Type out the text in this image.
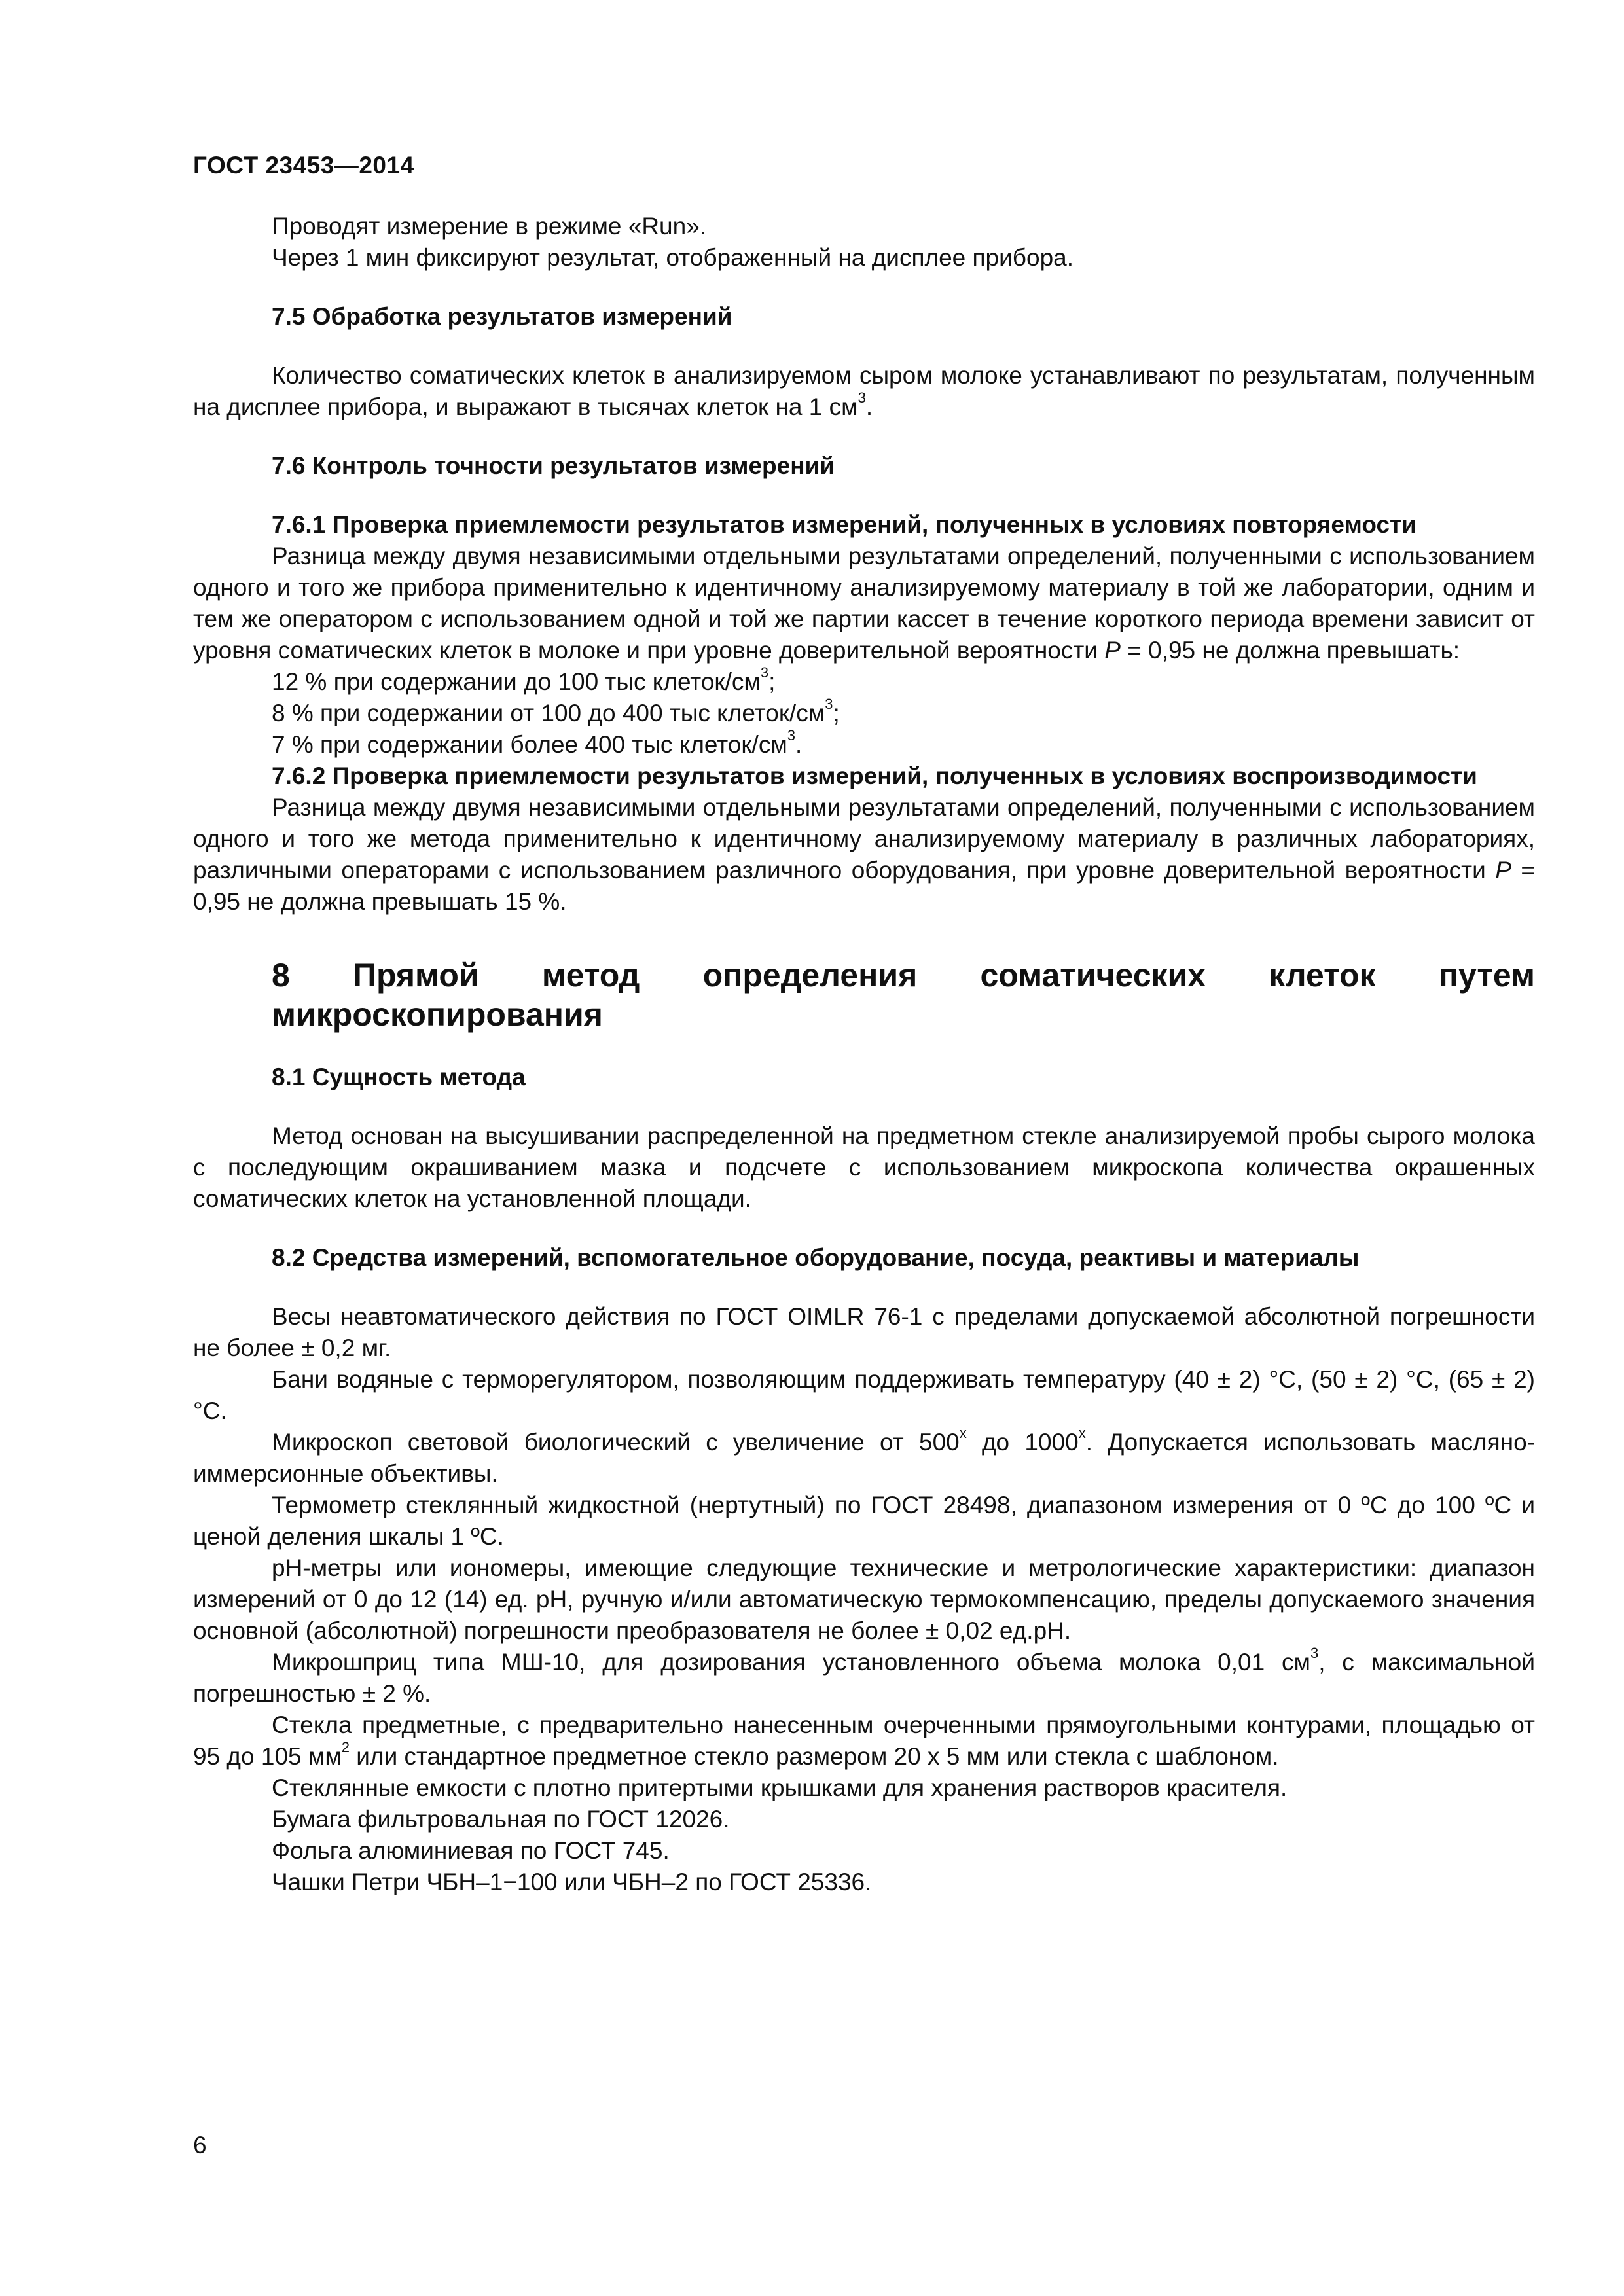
ГОСТ 23453—2014

Проводят измерение в режиме «Run».

Через 1 мин фиксируют результат, отображенный на дисплее прибора.

7.5 Обработка результатов измерений

Количество соматических клеток в анализируемом сыром молоке устанавливают по результатам, полученным на дисплее прибора, и выражают в тысячах клеток на 1 $см^3$.

7.6 Контроль точности результатов измерений

7.6.1 Проверка приемлемости результатов измерений, полученных в условиях повторяемости

Разница между двумя независимыми отдельными результатами определений, полученными с использованием одного и того же прибора применительно к идентичному анализируемому материалу в той же лаборатории, одним и тем же оператором с использованием одной и той же партии кассет в течение короткого периода времени зависит от уровня соматических клеток в молоке и при уровне доверительной вероятности P = 0,95 не должна превышать:

12 % при содержании до 100 тыс клеток/$см^3$;

8 % при содержании от 100 до 400 тыс клеток/$см^3$;

7 % при содержании более 400 тыс клеток/$см^3$.

7.6.2 Проверка приемлемости результатов измерений, полученных в условиях воспроизводимости

Разница между двумя независимыми отдельными результатами определений, полученными с использованием одного и того же метода применительно к идентичному анализируемому материалу в различных лабораториях, различными операторами с использованием различного оборудования, при уровне доверительной вероятности P = 0,95 не должна превышать 15 %.

8 Прямой метод определения соматических клеток путем микроскопирования

8.1 Сущность метода

Метод основан на высушивании распределенной на предметном стекле анализируемой пробы сырого молока с последующим окрашиванием мазка и подсчете с использованием микроскопа количества окрашенных соматических клеток на установленной площади.

8.2 Средства измерений, вспомогательное оборудование, посуда, реактивы и материалы

Весы неавтоматического действия по ГОСТ OIMLR 76-1 с пределами допускаемой абсолютной погрешности не более ± 0,2 мг.

Бани водяные с терморегулятором, позволяющим поддерживать температуру (40 ± 2) °С, (50 ± 2) °С, (65 ± 2) °С.

Микроскоп световой биологический с увеличение от 500$^x$ до 1000$^x$. Допускается использовать масляно-иммерсионные объективы.

Термометр стеклянный жидкостной (нертутный) по ГОСТ 28498, диапазоном измерения от 0 ºС до 100 ºС и ценой деления шкалы 1 ºС.

рН-метры или иономеры, имеющие следующие технические и метрологические характеристики: диапазон измерений от 0 до 12 (14) ед. рН, ручную и/или автоматическую термокомпенсацию, пределы допускаемого значения основной (абсолютной) погрешности преобразователя не более ± 0,02 ед.рН.

Микрошприц типа МШ-10, для дозирования установленного объема молока 0,01 $см^3$, с максимальной погрешностью ± 2 %.

Стекла предметные, с предварительно нанесенным очерченными прямоугольными контурами, площадью от 95 до 105 $мм^2$ или стандартное предметное стекло размером 20 х 5 мм или стекла с шаблоном.

Стеклянные емкости с плотно притертыми крышками для хранения растворов красителя.

Бумага фильтровальная по ГОСТ 12026.

Фольга алюминиевая по ГОСТ 745.

Чашки Петри ЧБН–1−100 или ЧБН–2 по ГОСТ 25336.

6
